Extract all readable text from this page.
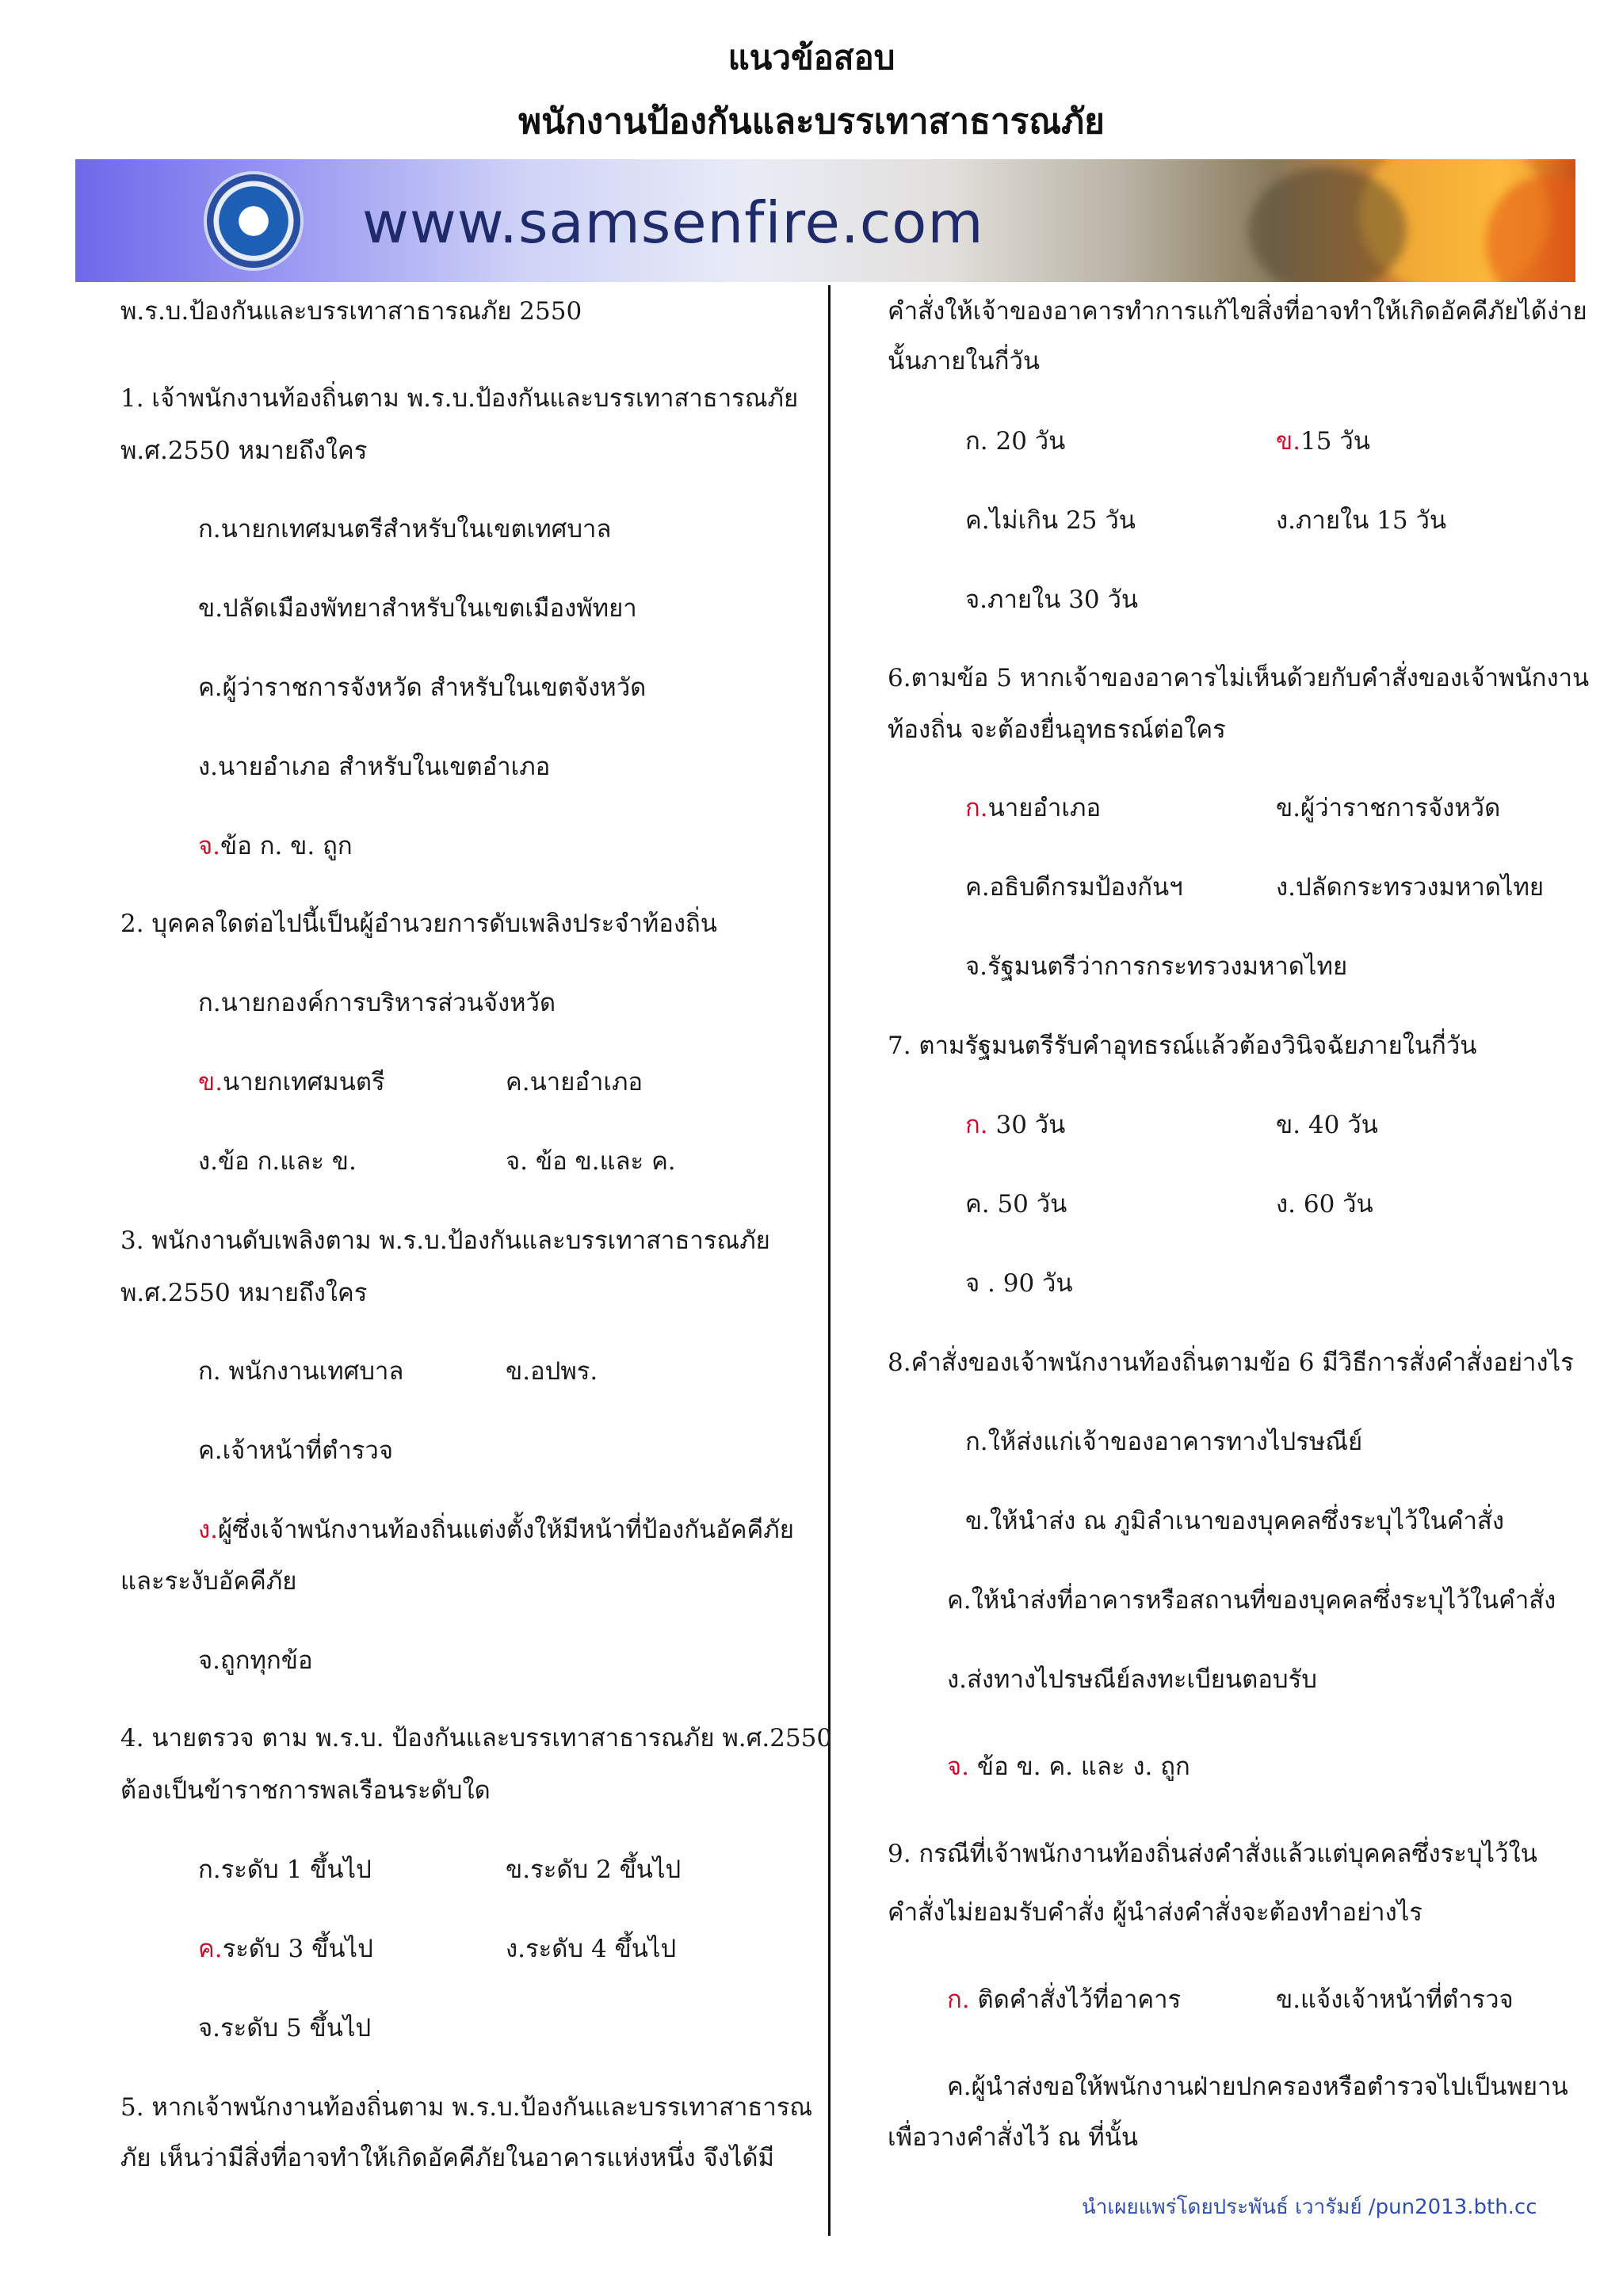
แนวข้อสอบ
พนักงานป้องกันและบรรเทาสาธารณภัย
⚓ www.samsenfire.com
พ.ร.บ.ป้องกันและบรรเทาสาธารณภัย 2550
1. เจ้าพนักงานท้องถิ่นตาม พ.ร.บ.ป้องกันและบรรเทาสาธารณภัย
พ.ศ.2550 หมายถึงใคร
ก.นายกเทศมนตรีสำหรับในเขตเทศบาล
ข.ปลัดเมืองพัทยาสำหรับในเขตเมืองพัทยา
ค.ผู้ว่าราชการจังหวัด สำหรับในเขตจังหวัด
ง.นายอำเภอ สำหรับในเขตอำเภอ
จ.ข้อ ก. ข. ถูก
2. บุคคลใดต่อไปนี้เป็นผู้อำนวยการดับเพลิงประจำท้องถิ่น
ก.นายกองค์การบริหารส่วนจังหวัด
ข.นายกเทศมนตรี	ค.นายอำเภอ
ง.ข้อ ก.และ ข.	จ. ข้อ ข.และ ค.
3. พนักงานดับเพลิงตาม พ.ร.บ.ป้องกันและบรรเทาสาธารณภัย
พ.ศ.2550 หมายถึงใคร
ก. พนักงานเทศบาล	ข.อปพร.
ค.เจ้าหน้าที่ตำรวจ
ง.ผู้ซึ่งเจ้าพนักงานท้องถิ่นแต่งตั้งให้มีหน้าที่ป้องกันอัคคีภัย
และระงับอัคคีภัย
จ.ถูกทุกข้อ
4. นายตรวจ ตาม พ.ร.บ. ป้องกันและบรรเทาสาธารณภัย พ.ศ.2550
ต้องเป็นข้าราชการพลเรือนระดับใด
ก.ระดับ 1 ขึ้นไป	ข.ระดับ 2 ขึ้นไป
ค.ระดับ 3 ขึ้นไป	ง.ระดับ 4 ขึ้นไป
จ.ระดับ 5 ขึ้นไป
5. หากเจ้าพนักงานท้องถิ่นตาม พ.ร.บ.ป้องกันและบรรเทาสาธารณ
ภัย เห็นว่ามีสิ่งที่อาจทำให้เกิดอัคคีภัยในอาคารแห่งหนึ่ง จึงได้มี
คำสั่งให้เจ้าของอาคารทำการแก้ไขสิ่งที่อาจทำให้เกิดอัคคีภัยได้ง่าย
นั้นภายในกี่วัน
ก. 20 วัน	ข.15 วัน
ค.ไม่เกิน 25 วัน	ง.ภายใน 15 วัน
จ.ภายใน 30 วัน
6.ตามข้อ 5 หากเจ้าของอาคารไม่เห็นด้วยกับคำสั่งของเจ้าพนักงาน
ท้องถิ่น จะต้องยื่นอุทธรณ์ต่อใคร
ก.นายอำเภอ	ข.ผู้ว่าราชการจังหวัด
ค.อธิบดีกรมป้องกันฯ	ง.ปลัดกระทรวงมหาดไทย
จ.รัฐมนตรีว่าการกระทรวงมหาดไทย
7. ตามรัฐมนตรีรับคำอุทธรณ์แล้วต้องวินิจฉัยภายในกี่วัน
ก. 30 วัน	ข. 40 วัน
ค. 50 วัน	ง. 60 วัน
จ . 90 วัน
8.คำสั่งของเจ้าพนักงานท้องถิ่นตามข้อ 6 มีวิธีการสั่งคำสั่งอย่างไร
ก.ให้ส่งแก่เจ้าของอาคารทางไปรษณีย์
ข.ให้นำส่ง ณ ภูมิลำเนาของบุคคลซึ่งระบุไว้ในคำสั่ง
ค.ให้นำส่งที่อาคารหรือสถานที่ของบุคคลซึ่งระบุไว้ในคำสั่ง
ง.ส่งทางไปรษณีย์ลงทะเบียนตอบรับ
จ. ข้อ ข. ค. และ ง. ถูก
9. กรณีที่เจ้าพนักงานท้องถิ่นส่งคำสั่งแล้วแต่บุคคลซึ่งระบุไว้ใน
คำสั่งไม่ยอมรับคำสั่ง ผู้นำส่งคำสั่งจะต้องทำอย่างไร
ก. ติดคำสั่งไว้ที่อาคาร	ข.แจ้งเจ้าหน้าที่ตำรวจ
ค.ผู้นำส่งขอให้พนักงานฝ่ายปกครองหรือตำรวจไปเป็นพยาน
เพื่อวางคำสั่งไว้ ณ ที่นั้น
นำเผยแพร่โดยประพันธ์ เวารัมย์ /pun2013.bth.cc
